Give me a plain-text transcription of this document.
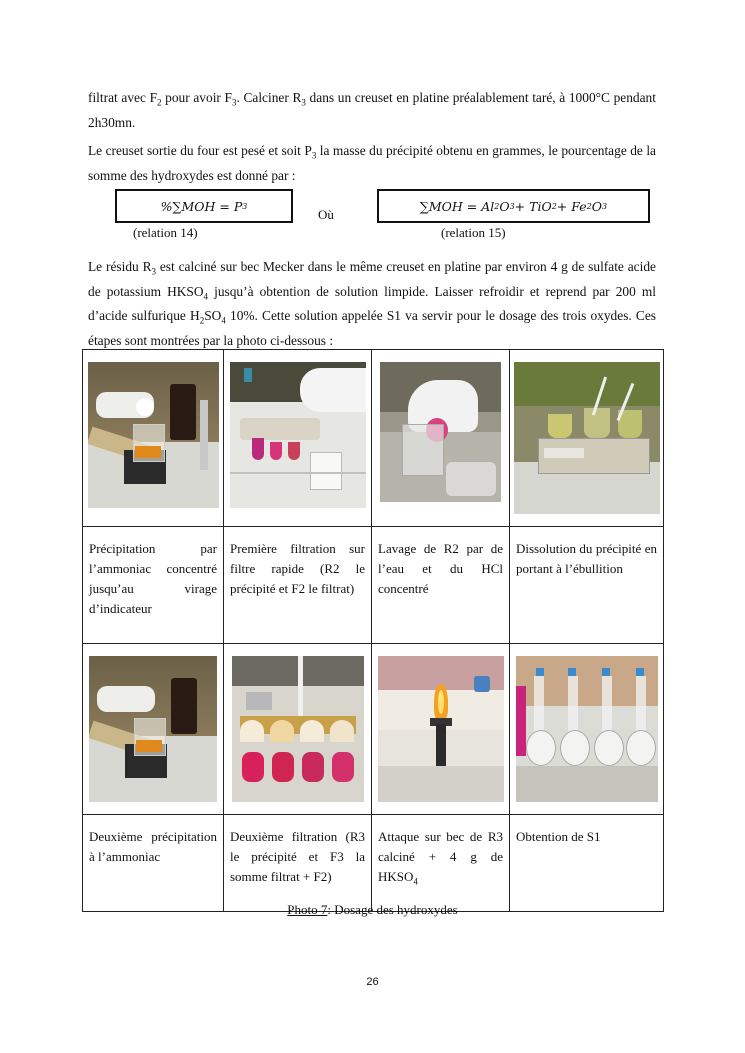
filtrat avec $F_2$ pour avoir $F_3$. Calciner $R_3$ dans un creuset en platine préalablement taré, à 1000°C pendant 2h30mn.

Le creuset sortie du four est pesé et soit $P_3$ la masse du précipité obtenu en grammes, le pourcentage de la somme des hydroxydes est donné par :

%∑MOH = P 3
Où
∑MOH = Al 2 O 3 + TiO 2 + Fe 2 O 3
(relation 14)	(relation 15)

Le résidu $R_3$ est calciné sur bec Mecker dans le même creuset en platine par environ 4 g de sulfate acide de potassium $HKSO_4$ jusqu’à obtention de solution limpide. Laisser refroidir et reprend par 200 ml d’acide sulfurique $H_2SO_4$ 10%. Cette solution appelée S1 va servir pour le dosage des trois oxydes. Ces étapes sont montrées par la photo ci-dessous :

Précipitation par l’ammoniac concentré jusqu’au virage d’indicateur	Première filtration sur filtre rapide (R2 le précipité et F2 le filtrat)	Lavage de R2 par de l’eau et du HCl concentré	Dissolution du précipité en portant à l’ébullition

Deuxième précipitation à l’ammoniac	Deuxième filtration (R3 le précipité et F3 la somme filtrat + F2)	Attaque sur bec de R3 calciné + 4 g de $HKSO_4$	Obtention de S1
Photo 7: Dosage des hydroxydes
26
